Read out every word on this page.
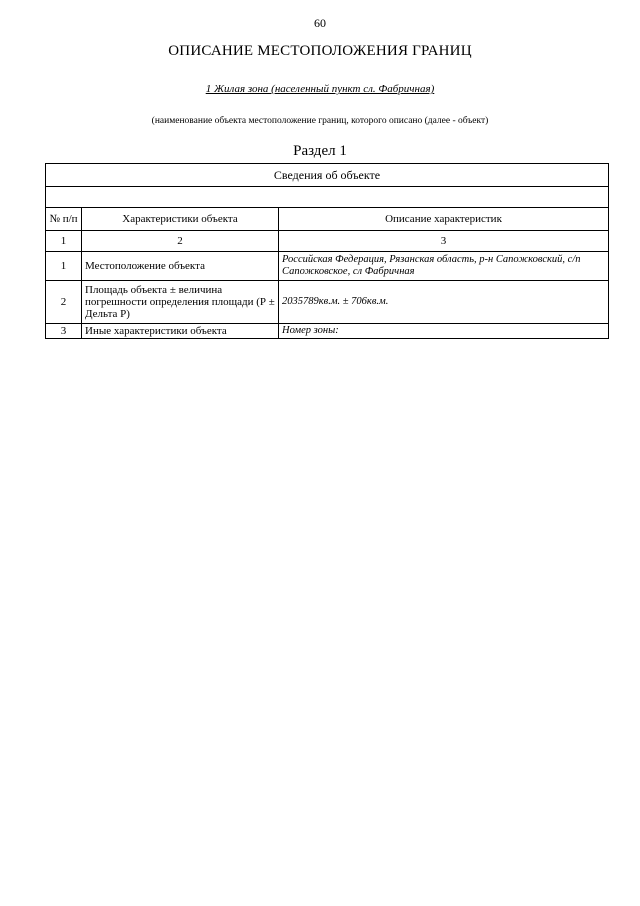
60
ОПИСАНИЕ МЕСТОПОЛОЖЕНИЯ ГРАНИЦ
1 Жилая зона (населенный пункт сл. Фабричная)
(наименование объекта местоположение границ, которого описано (далее - объект)
Раздел 1
Сведения об объекте		

№ п/п	Характеристики объекта	Описание характеристик
1	2	3
1	Местоположение объекта	Российская Федерация, Рязанская область, р-н Сапожковский, с/п Сапожковское, сл Фабричная
2	Площадь объекта ± величина погрешности определения площади (Р ± Дельта Р)	2035789кв.м. ± 706кв.м.
3	Иные характеристики объекта	Номер зоны:
